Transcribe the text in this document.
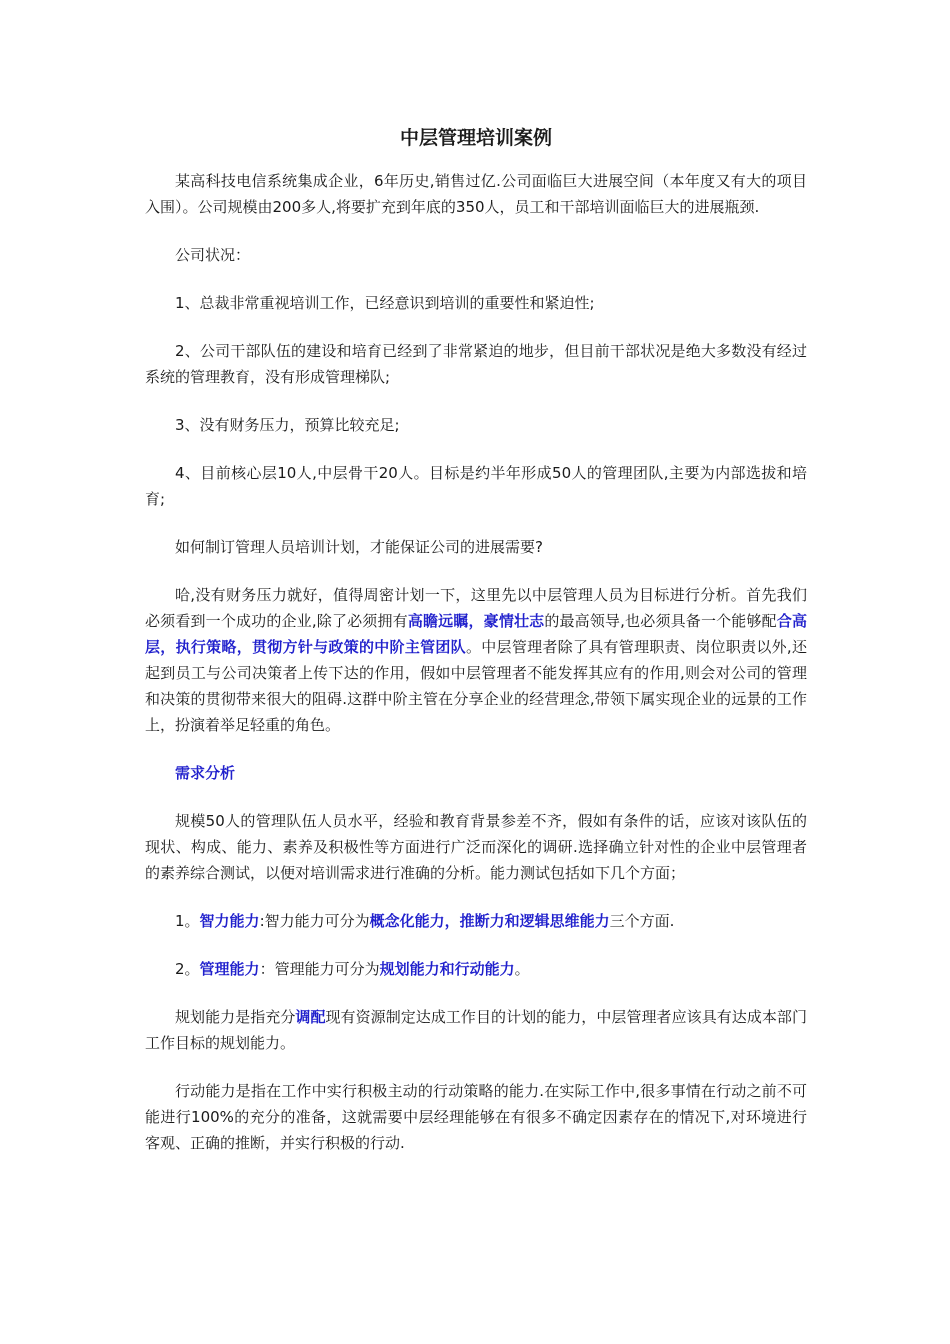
中层管理培训案例

某高科技电信系统集成企业，6年历史,销售过亿.公司面临巨大进展空间（本年度又有大的项目入围）。公司规模由200多人,将要扩充到年底的350人，员工和干部培训面临巨大的进展瓶颈.

公司状况：

1、总裁非常重视培训工作，已经意识到培训的重要性和紧迫性;

2、公司干部队伍的建设和培育已经到了非常紧迫的地步，但目前干部状况是绝大多数没有经过系统的管理教育，没有形成管理梯队;

3、没有财务压力，预算比较充足;

4、目前核心层10人,中层骨干20人。目标是约半年形成50人的管理团队,主要为内部选拔和培育;

如何制订管理人员培训计划，才能保证公司的进展需要?

哈,没有财务压力就好，值得周密计划一下，这里先以中层管理人员为目标进行分析。首先我们必须看到一个成功的企业,除了必须拥有高瞻远瞩，豪情壮志的最高领导,也必须具备一个能够配合高层，执行策略，贯彻方针与政策的中阶主管团队。中层管理者除了具有管理职责、岗位职责以外,还起到员工与公司决策者上传下达的作用，假如中层管理者不能发挥其应有的作用,则会对公司的管理和决策的贯彻带来很大的阻碍.这群中阶主管在分享企业的经营理念,带领下属实现企业的远景的工作上，扮演着举足轻重的角色。

需求分析

规模50人的管理队伍人员水平，经验和教育背景参差不齐，假如有条件的话，应该对该队伍的现状、构成、能力、素养及积极性等方面进行广泛而深化的调研.选择确立针对性的企业中层管理者的素养综合测试，以便对培训需求进行准确的分析。能力测试包括如下几个方面；

1。智力能力:智力能力可分为概念化能力，推断力和逻辑思维能力三个方面.

2。管理能力：管理能力可分为规划能力和行动能力。

规划能力是指充分调配现有资源制定达成工作目的计划的能力，中层管理者应该具有达成本部门工作目标的规划能力。

行动能力是指在工作中实行积极主动的行动策略的能力.在实际工作中,很多事情在行动之前不可能进行100%的充分的准备，这就需要中层经理能够在有很多不确定因素存在的情况下,对环境进行客观、正确的推断，并实行积极的行动.
